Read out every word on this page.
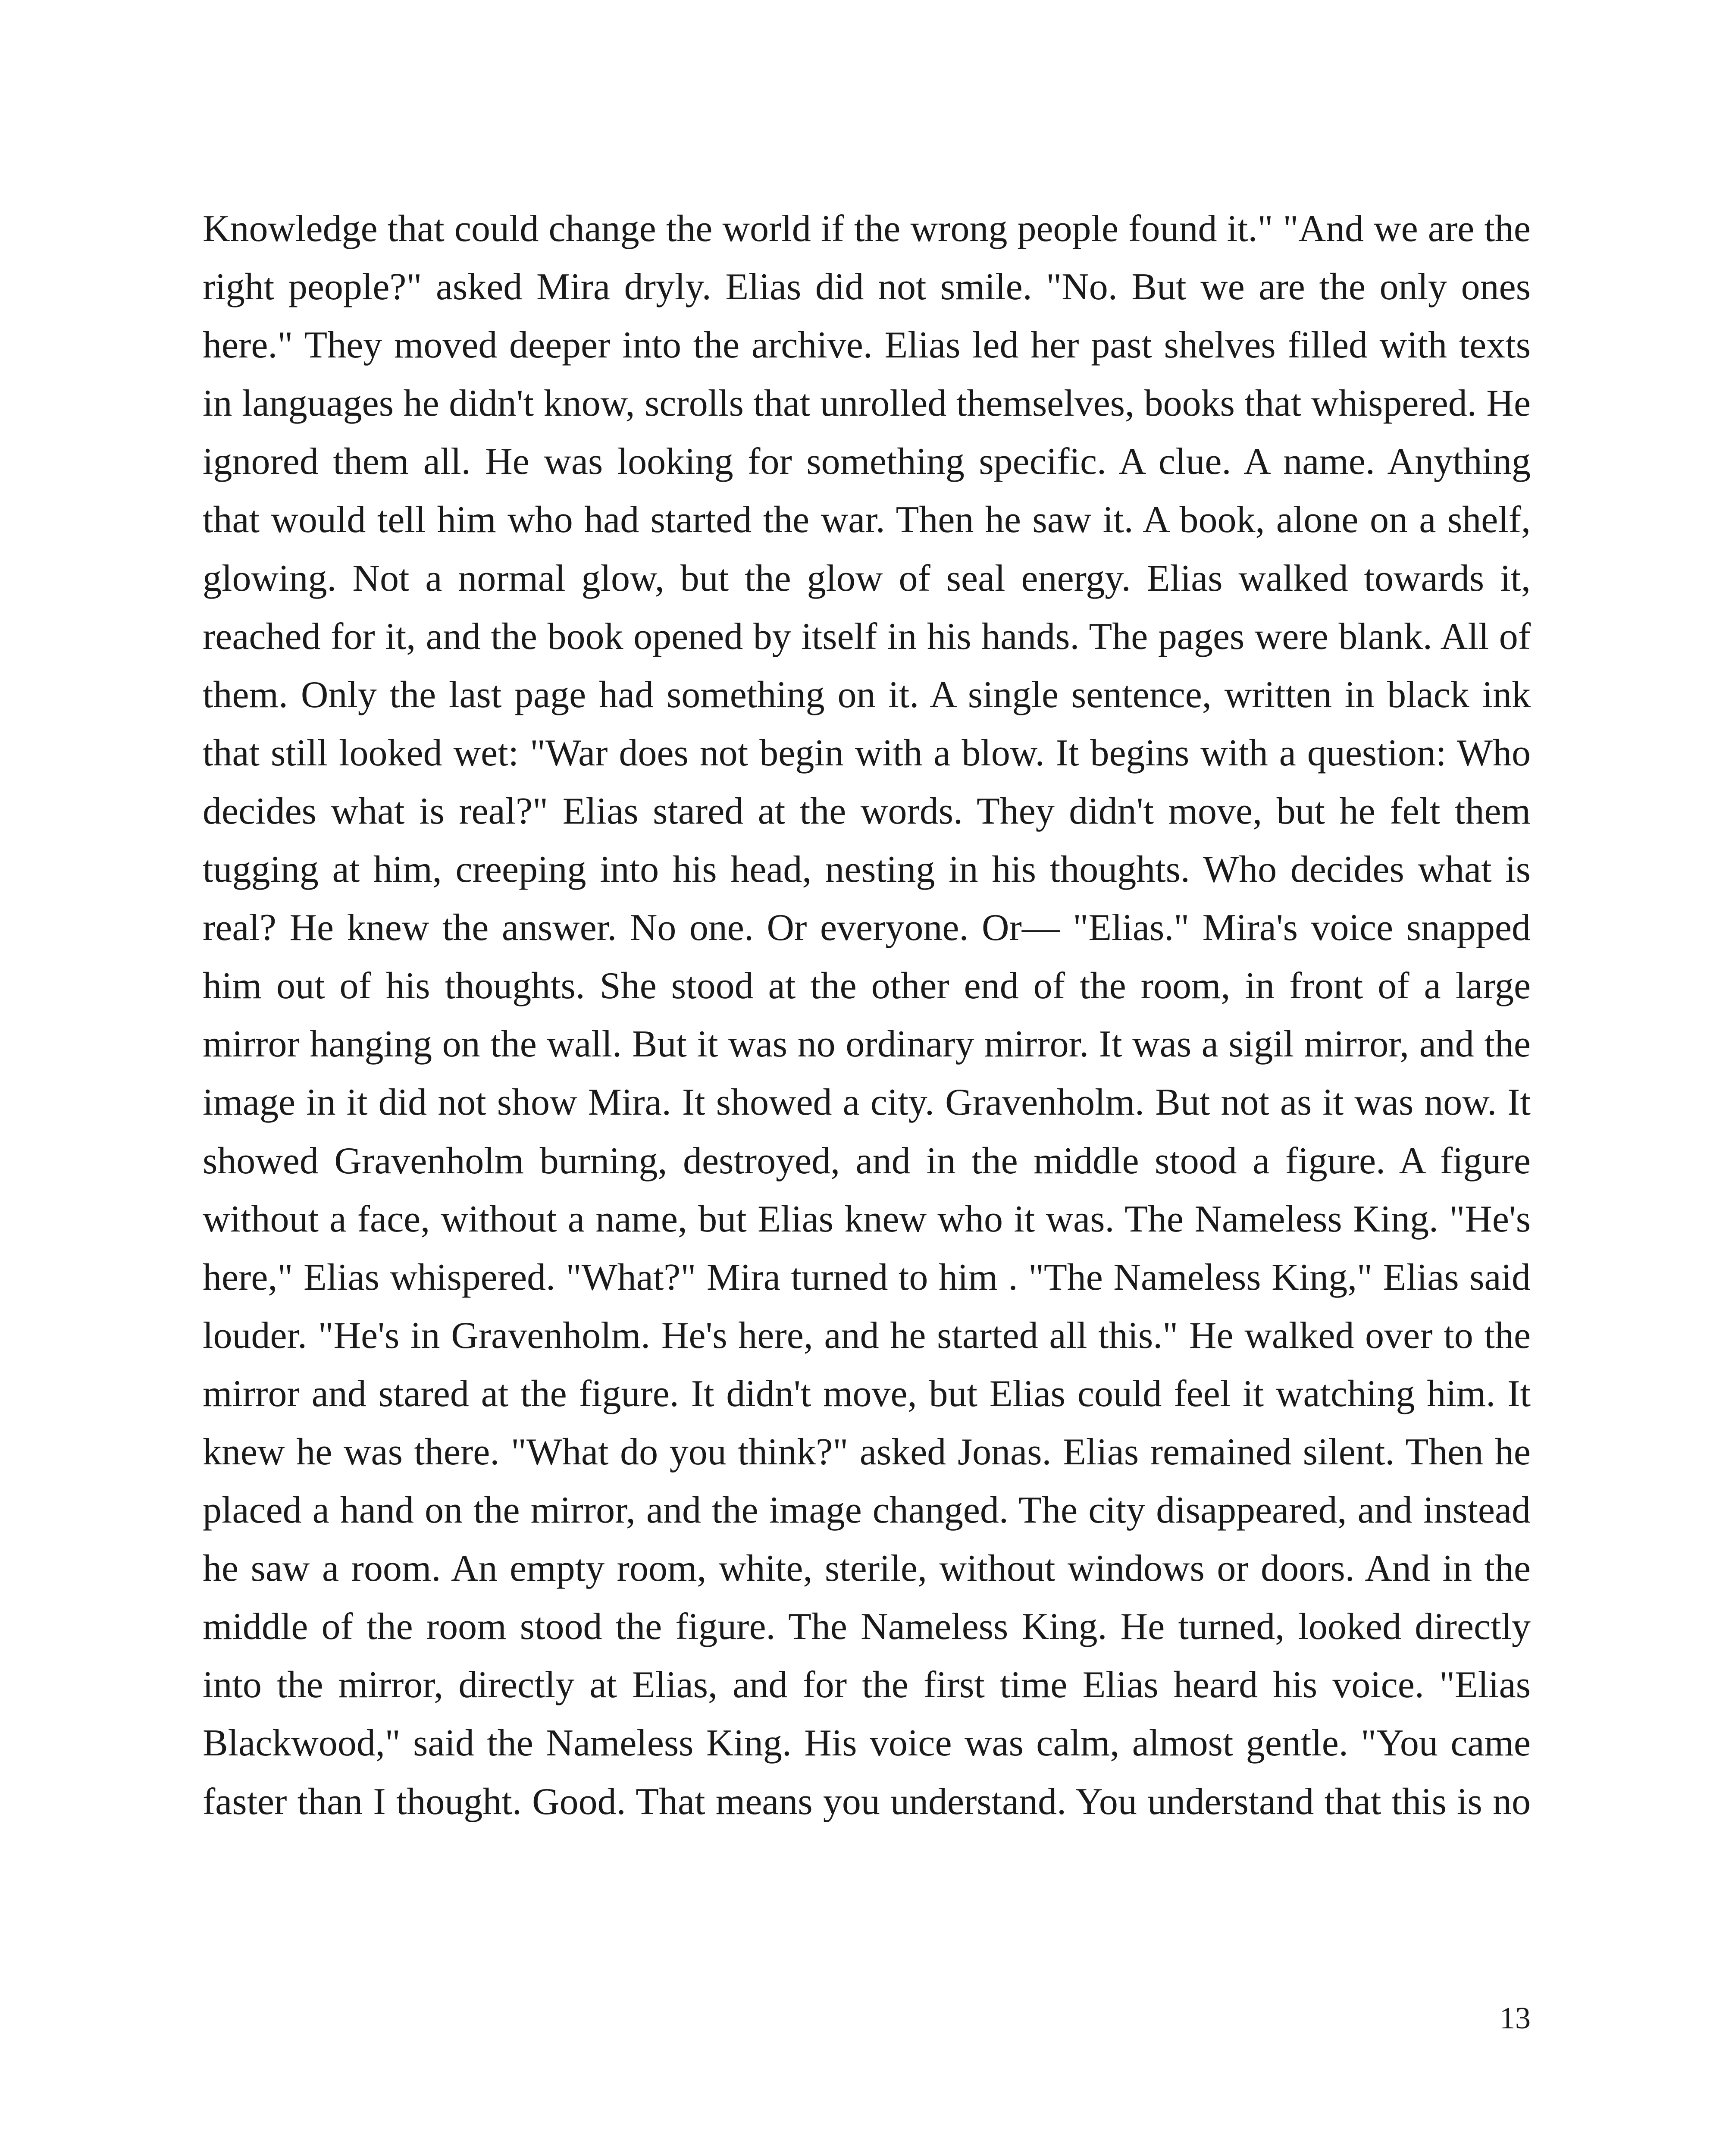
Knowledge that could change the world if the wrong people found it." "And we are the right people?" asked Mira dryly. Elias did not smile. "No. But we are the only ones here." They moved deeper into the archive. Elias led her past shelves filled with texts in languages he didn't know, scrolls that unrolled themselves, books that whispered. He ignored them all. He was looking for something specific. A clue. A name. Anything that would tell him who had started the war. Then he saw it. A book, alone on a shelf, glowing. Not a normal glow, but the glow of seal energy. Elias walked towards it, reached for it, and the book opened by itself in his hands. The pages were blank. All of them. Only the last page had something on it. A single sentence, written in black ink that still looked wet: "War does not begin with a blow. It begins with a question: Who decides what is real?" Elias stared at the words. They didn't move, but he felt them tugging at him, creeping into his head, nesting in his thoughts. Who decides what is real? He knew the answer. No one. Or everyone. Or— "Elias." Mira's voice snapped him out of his thoughts. She stood at the other end of the room, in front of a large mirror hanging on the wall. But it was no ordinary mirror. It was a sigil mirror, and the image in it did not show Mira. It showed a city. Gravenholm. But not as it was now. It showed Gravenholm burning, destroyed, and in the middle stood a figure. A figure without a face, without a name, but Elias knew who it was. The Nameless King. "He's here," Elias whispered. "What?" Mira turned to him . "The Nameless King," Elias said louder. "He's in Gravenholm. He's here, and he started all this." He walked over to the mirror and stared at the figure. It didn't move, but Elias could feel it watching him. It knew he was there. "What do you think?" asked Jonas. Elias remained silent. Then he placed a hand on the mirror, and the image changed. The city disappeared, and instead he saw a room. An empty room, white, sterile, without windows or doors. And in the middle of the room stood the figure. The Nameless King. He turned, looked directly into the mirror, directly at Elias, and for the first time Elias heard his voice. "Elias Blackwood," said the Nameless King. His voice was calm, almost gentle. "You came faster than I thought. Good. That means you understand. You understand that this is no

13
